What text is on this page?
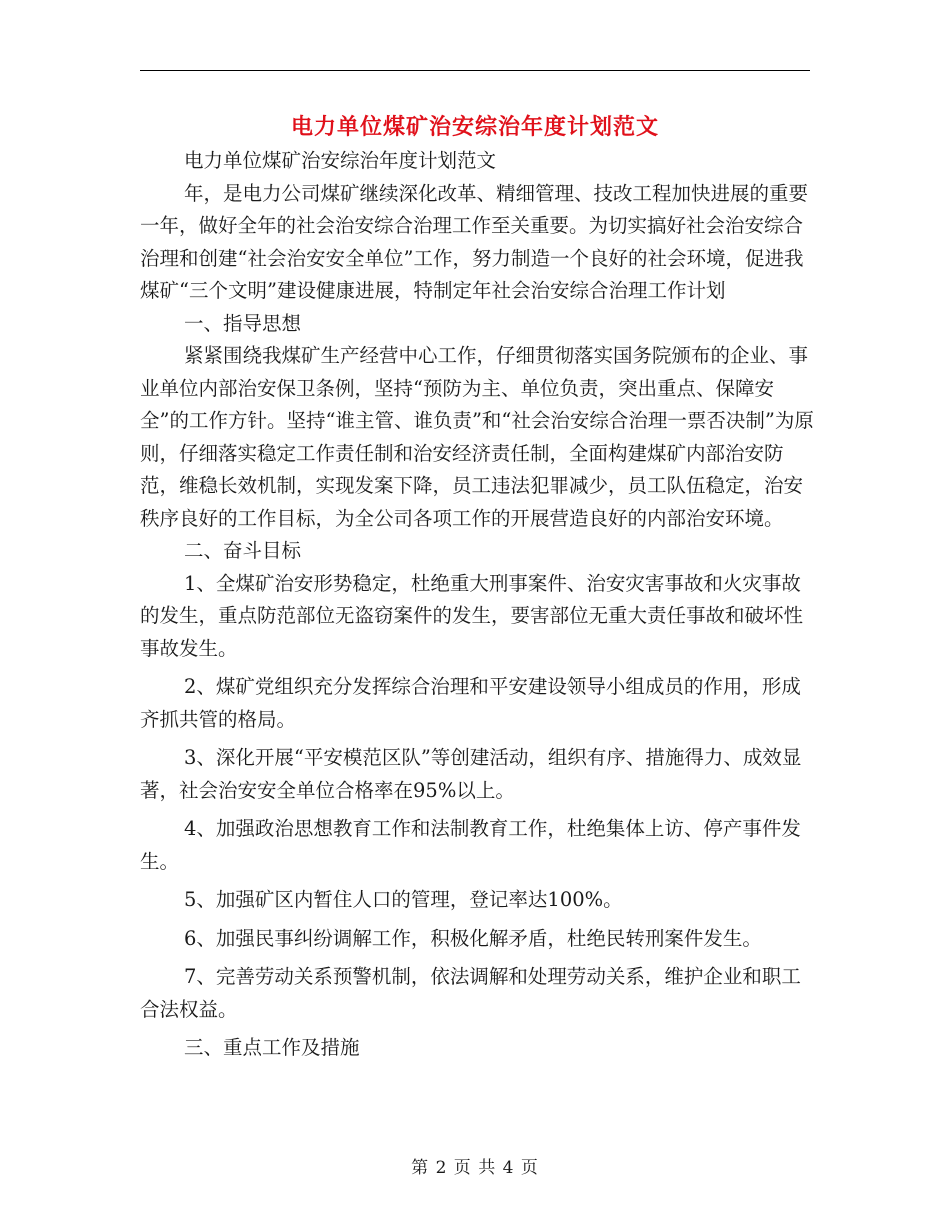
电力单位煤矿治安综治年度计划范文

电力单位煤矿治安综治年度计划范文

年，是电力公司煤矿继续深化改革、精细管理、技改工程加快进展的重要一年，做好全年的社会治安综合治理工作至关重要。为切实搞好社会治安综合治理和创建“社会治安安全单位”工作，努力制造一个良好的社会环境，促进我煤矿“三个文明”建设健康进展，特制定年社会治安综合治理工作计划

一、指导思想

紧紧围绕我煤矿生产经营中心工作，仔细贯彻落实国务院颁布的企业、事业单位内部治安保卫条例，坚持“预防为主、单位负责，突出重点、保障安全”的工作方针。坚持“谁主管、谁负责”和“社会治安综合治理一票否决制”为原则，仔细落实稳定工作责任制和治安经济责任制，全面构建煤矿内部治安防范，维稳长效机制，实现发案下降，员工违法犯罪减少，员工队伍稳定，治安秩序良好的工作目标，为全公司各项工作的开展营造良好的内部治安环境。

二、奋斗目标

1、全煤矿治安形势稳定，杜绝重大刑事案件、治安灾害事故和火灾事故的发生，重点防范部位无盗窃案件的发生，要害部位无重大责任事故和破坏性事故发生。

2、煤矿党组织充分发挥综合治理和平安建设领导小组成员的作用，形成齐抓共管的格局。

3、深化开展“平安模范区队”等创建活动，组织有序、措施得力、成效显著，社会治安安全单位合格率在95%以上。

4、加强政治思想教育工作和法制教育工作，杜绝集体上访、停产事件发生。

5、加强矿区内暂住人口的管理，登记率达100%。

6、加强民事纠纷调解工作，积极化解矛盾，杜绝民转刑案件发生。

7、完善劳动关系预警机制，依法调解和处理劳动关系，维护企业和职工合法权益。

三、重点工作及措施

第 2 页 共 4 页
